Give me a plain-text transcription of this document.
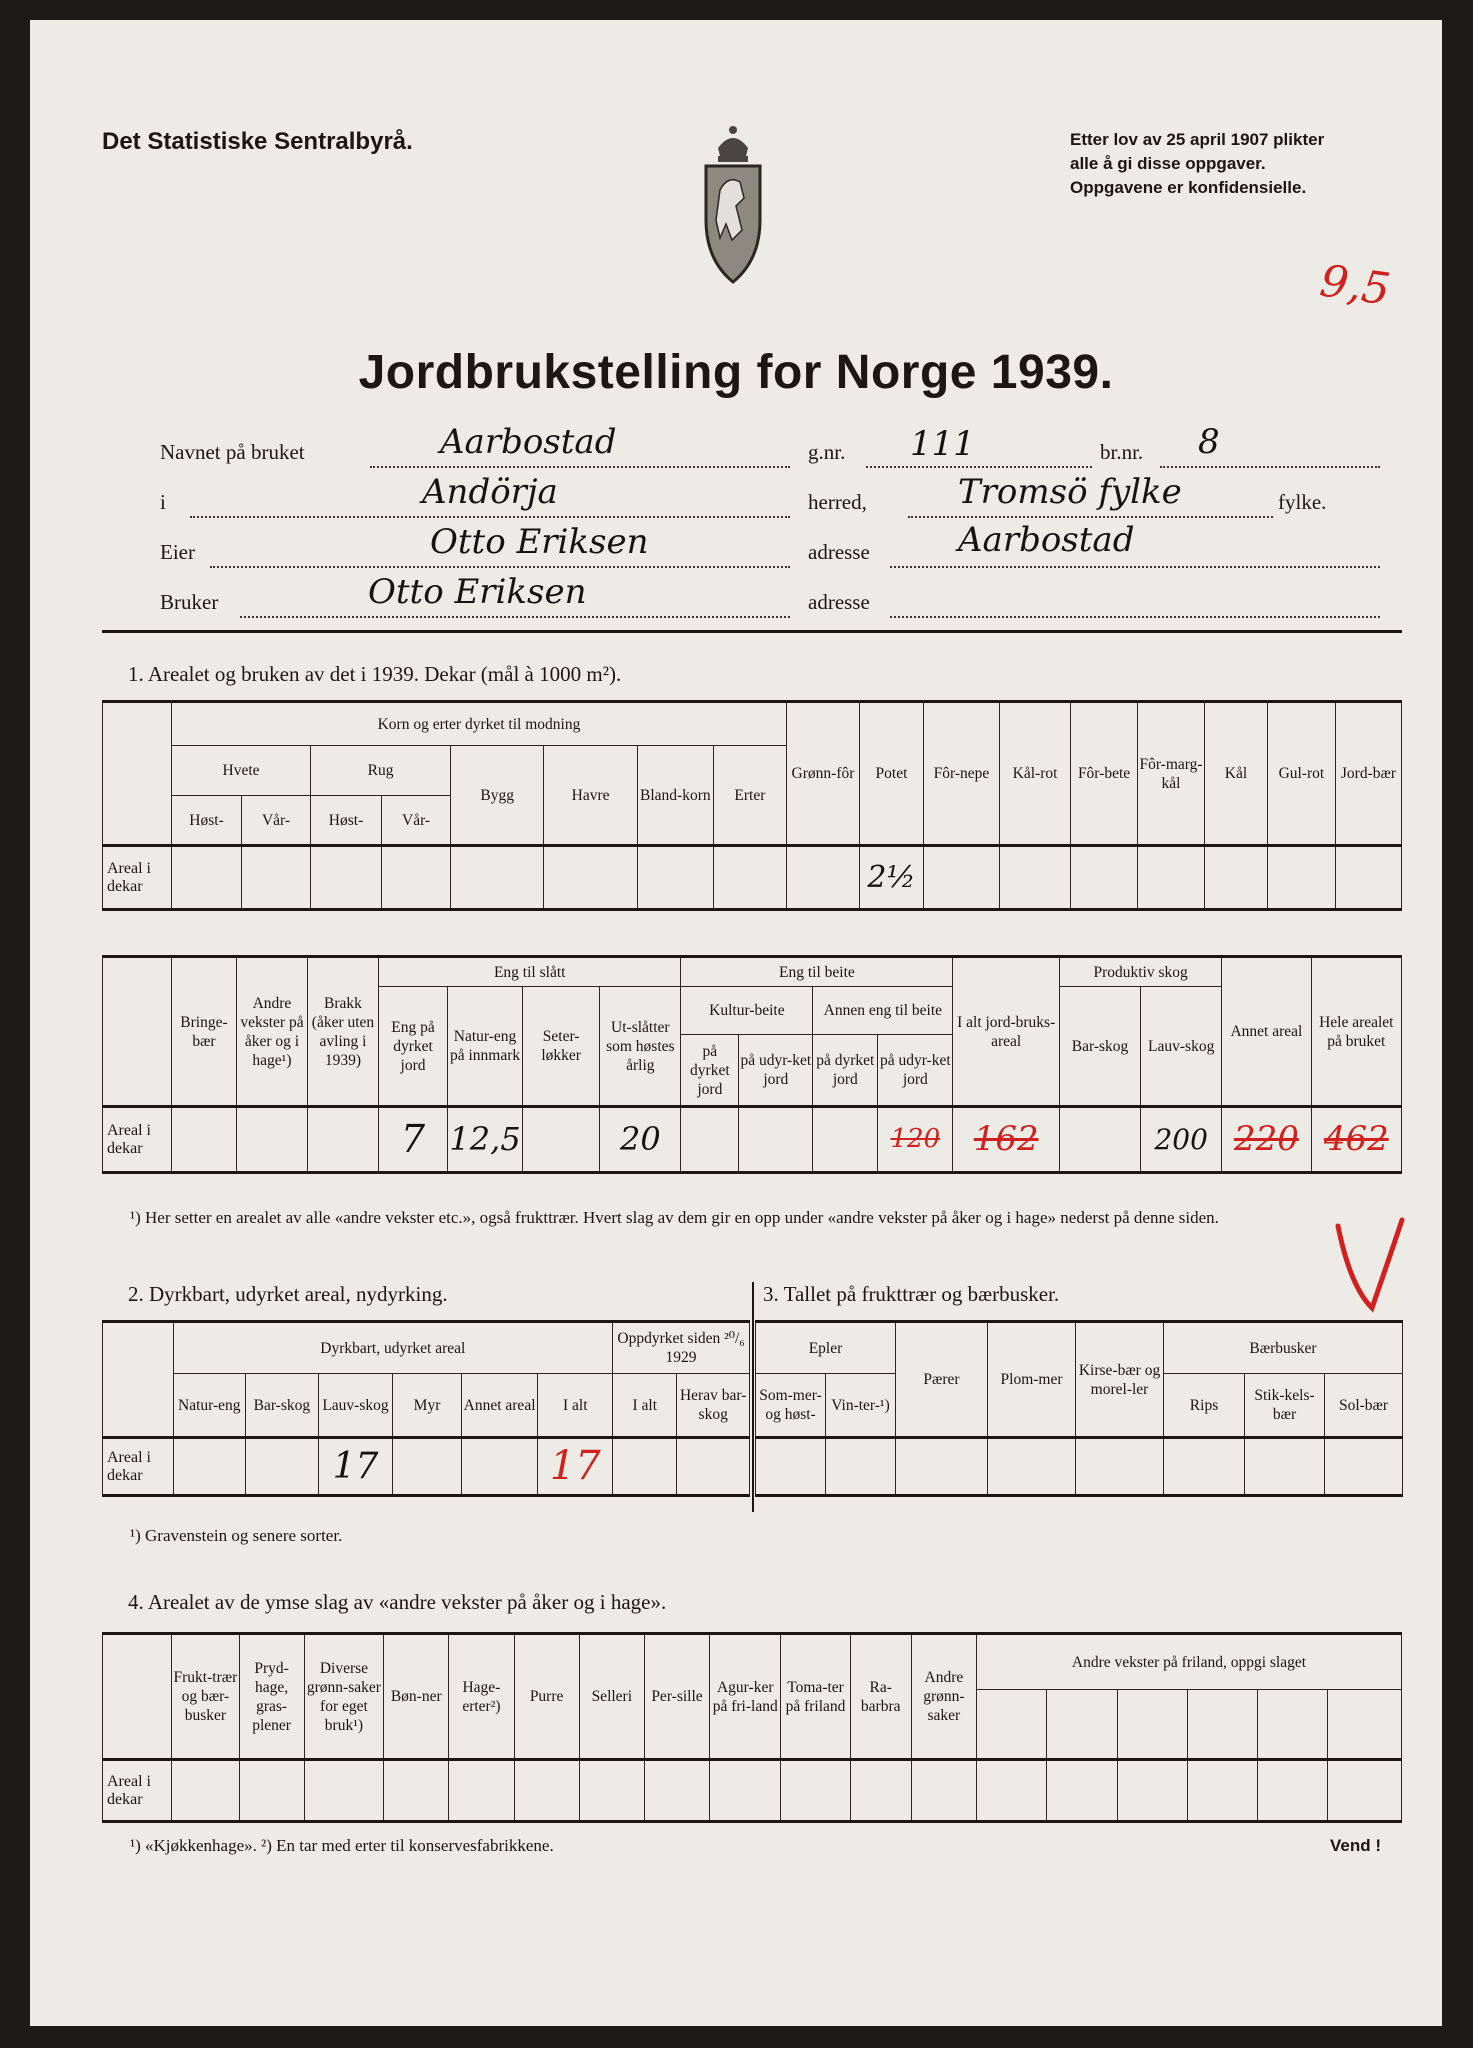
Det Statistiske Sentralbyrå.	Etter lov av 25 april 1907 plikter
alle å gi disse oppgaver.
Oppgavene er konfidensielle.
9,5
Jordbrukstelling for Norge 1939.
Navnet på bruket	Aarbostad	g.nr. 111	br.nr. 8
i	Andörja	herred,	Tromsö fylke	fylke.
Eier	Otto Eriksen	adresse	Aarbostad
Bruker	Otto Eriksen	adresse
1. Arealet og bruken av det i 1939. Dekar (mål à 1000 m²).
	Korn og erter dyrket til modning								Grønn-fôr	Potet	Fôr-nepe	Kål-rot	Fôr-bete	Fôr-marg-kål	Kål	Gul-rot	Jord-bær
	Hvete		Rug		Bygg	Havre	Bland-korn	Erter									
	Høst-	Vår-	Høst-	Vår-													
Areal i dekar										2½							
	Bringe-bær	Andre vekster på åker og i hage¹)	Brakk (åker uten avling i 1939)	Eng til slått				Eng til beite				I alt jord-bruks-areal	Produktiv skog		Annet areal	Hele arealet på bruket
				Eng på dyrket jord	Natur-eng på innmark	Seter-løkker	Ut-slåtter som høstes årlig	Kultur-beite		Annen eng til beite			Bar-skog	Lauv-skog		
								på dyrket jord	på udyr-ket jord	på dyrket jord	på udyr-ket jord					
Areal i dekar				7	12,5		20				120	162		200	220	462
¹) Her setter en arealet av alle «andre vekster etc.», også frukttrær. Hvert slag av dem gir en opp under «andre vekster på åker og i hage» nederst på denne siden.
2. Dyrkbart, udyrket areal, nydyrking.	3. Tallet på frukttrær og bærbusker.
	Dyrkbart, udyrket areal						Oppdyrket siden ²⁰/₆ 1929	
	Natur-eng	Bar-skog	Lauv-skog	Myr	Annet areal	I alt	I alt	Herav bar-skog
Areal i dekar			17			17		
Epler		Pærer	Plom-mer	Kirse-bær og morel-ler	Bærbusker		
Som-mer-og høst-	Vin-ter-¹)				Rips	Stik-kels-bær	Sol-bær

¹) Gravenstein og senere sorter.
4. Arealet av de ymse slag av «andre vekster på åker og i hage».
	Frukt-trær og bær-busker	Pryd-hage, gras-plener	Diverse grønn-saker for eget bruk¹)	Bøn-ner	Hage-erter²)	Purre	Selleri	Per-sille	Agur-ker på fri-land	Toma-ter på friland	Ra-barbra	Andre grønn-saker	Andre vekster på friland, oppgi slaget					

Areal i dekar																		
¹) «Kjøkkenhage». ²) En tar med erter til konservesfabrikkene.	Vend !
